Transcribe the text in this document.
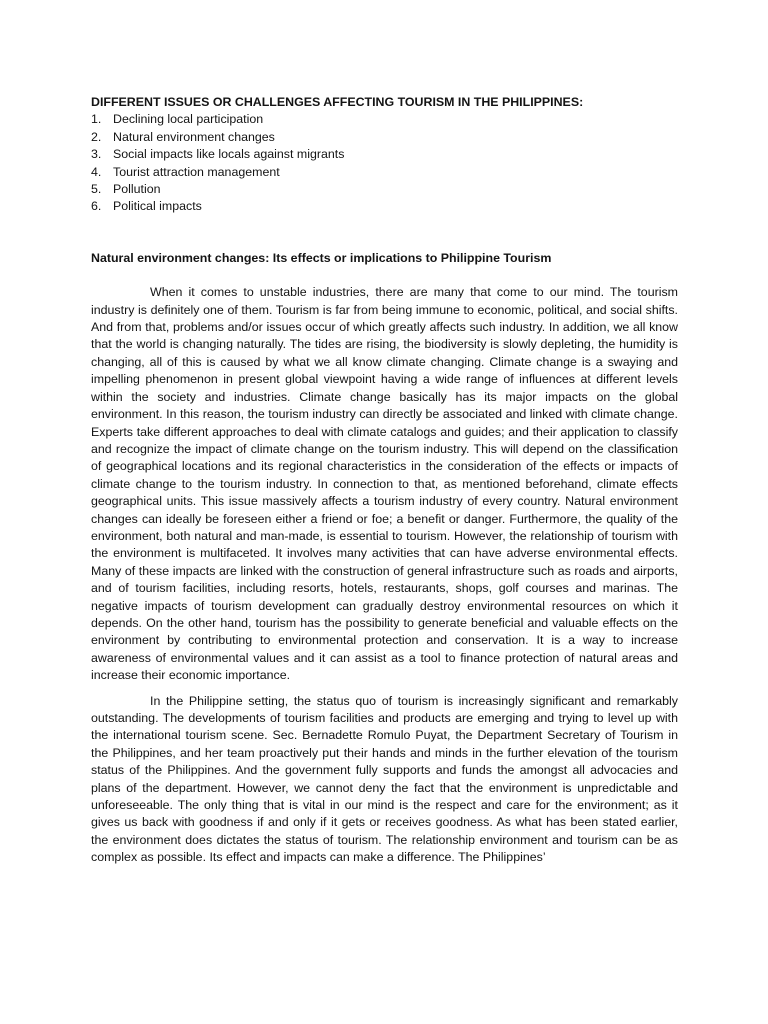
DIFFERENT ISSUES OR CHALLENGES AFFECTING TOURISM IN THE PHILIPPINES:

1. Declining local participation
2. Natural environment changes
3. Social impacts like locals against migrants
4. Tourist attraction management
5. Pollution
6. Political impacts

Natural environment changes: Its effects or implications to Philippine Tourism

When it comes to unstable industries, there are many that come to our mind. The tourism industry is definitely one of them. Tourism is far from being immune to economic, political, and social shifts. And from that, problems and/or issues occur of which greatly affects such industry. In addition, we all know that the world is changing naturally. The tides are rising, the biodiversity is slowly depleting, the humidity is changing, all of this is caused by what we all know climate changing. Climate change is a swaying and impelling phenomenon in present global viewpoint having a wide range of influences at different levels within the society and industries. Climate change basically has its major impacts on the global environment. In this reason, the tourism industry can directly be associated and linked with climate change. Experts take different approaches to deal with climate catalogs and guides; and their application to classify and recognize the impact of climate change on the tourism industry. This will depend on the classification of geographical locations and its regional characteristics in the consideration of the effects or impacts of climate change to the tourism industry. In connection to that, as mentioned beforehand, climate effects geographical units. This issue massively affects a tourism industry of every country. Natural environment changes can ideally be foreseen either a friend or foe; a benefit or danger. Furthermore, the quality of the environment, both natural and man-made, is essential to tourism. However, the relationship of tourism with the environment is multifaceted. It involves many activities that can have adverse environmental effects. Many of these impacts are linked with the construction of general infrastructure such as roads and airports, and of tourism facilities, including resorts, hotels, restaurants, shops, golf courses and marinas. The negative impacts of tourism development can gradually destroy environmental resources on which it depends. On the other hand, tourism has the possibility to generate beneficial and valuable effects on the environment by contributing to environmental protection and conservation. It is a way to increase awareness of environmental values and it can assist as a tool to finance protection of natural areas and increase their economic importance.

In the Philippine setting, the status quo of tourism is increasingly significant and remarkably outstanding. The developments of tourism facilities and products are emerging and trying to level up with the international tourism scene. Sec. Bernadette Romulo Puyat, the Department Secretary of Tourism in the Philippines, and her team proactively put their hands and minds in the further elevation of the tourism status of the Philippines. And the government fully supports and funds the amongst all advocacies and plans of the department. However, we cannot deny the fact that the environment is unpredictable and unforeseeable. The only thing that is vital in our mind is the respect and care for the environment; as it gives us back with goodness if and only if it gets or receives goodness. As what has been stated earlier, the environment does dictates the status of tourism. The relationship environment and tourism can be as complex as possible. Its effect and impacts can make a difference. The Philippines’
